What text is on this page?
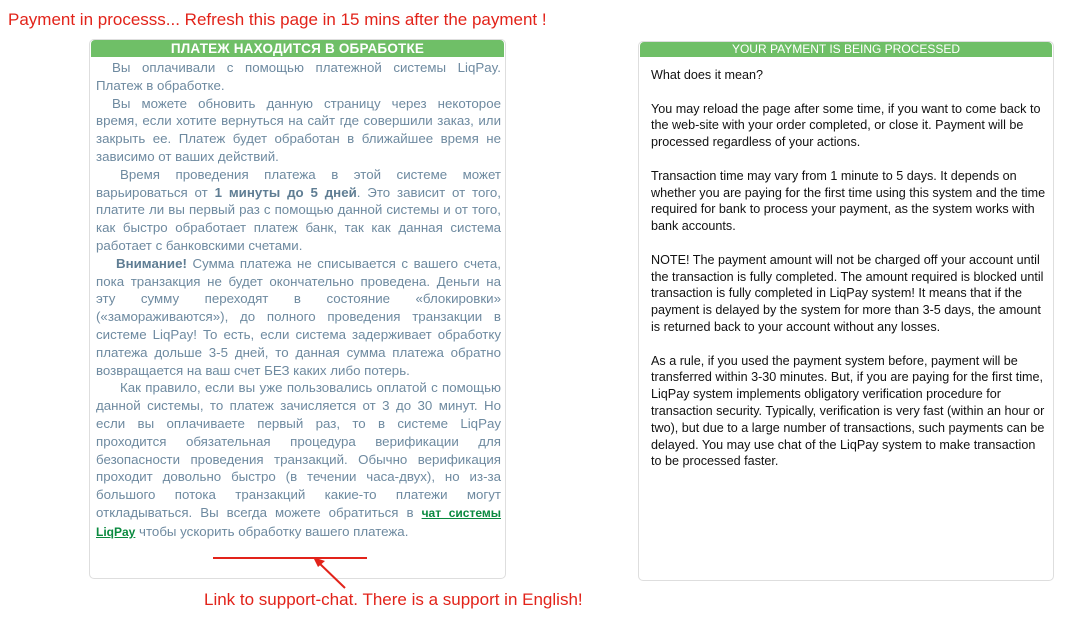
Payment in processs... Refresh this page in 15 mins after the payment !
ПЛАТЕЖ НАХОДИТСЯ В ОБРАБОТКЕ

Вы оплачивали с помощью платежной системы LiqPay. Платеж в обработке.

Вы можете обновить данную страницу через некоторое время, если хотите вернуться на сайт где совершили заказ, или закрыть ее. Платеж будет обработан в ближайшее время не зависимо от ваших действий.

Время проведения платежа в этой системе может варьироваться от 1 минуты до 5 дней. Это зависит от того, платите ли вы первый раз с помощью данной системы и от того, как быстро обработает платеж банк, так как данная система работает с банковскими счетами.

Внимание! Сумма платежа не списывается с вашего счета, пока транзакция не будет окончательно проведена. Деньги на эту сумму переходят в состояние «блокировки» («замораживаются»), до полного проведения транзакции в системе LiqPay! То есть, если система задерживает обработку платежа дольше 3-5 дней, то данная сумма платежа обратно возвращается на ваш счет БЕЗ каких либо потерь.

Как правило, если вы уже пользовались оплатой с помощью данной системы, то платеж зачисляется от 3 до 30 минут. Но если вы оплачиваете первый раз, то в системе LiqPay проходится обязательная процедура верификации для безопасности проведения транзакций. Обычно верификация проходит довольно быстро (в течении часа-двух), но из-за большого потока транзакций какие-то платежи могут откладываться. Вы всегда можете обратиться в чат системы LiqPay чтобы ускорить обработку вашего платежа.

YOUR PAYMENT IS BEING PROCESSED

What does it mean?

You may reload the page after some time, if you want to come back to the web-site with your order completed, or close it. Payment will be processed regardless of your actions.

Transaction time may vary from 1 minute to 5 days. It depends on whether you are paying for the first time using this system and the time required for bank to process your payment, as the system works with bank accounts.

NOTE! The payment amount will not be charged off your account until the transaction is fully completed. The amount required is blocked until transaction is fully completed in LiqPay system! It means that if the payment is delayed by the system for more than 3-5 days, the amount is returned back to your account without any losses.

As a rule, if you used the payment system before, payment will be transferred within 3-30 minutes. But, if you are paying for the first time, LiqPay system implements obligatory verification procedure for transaction security. Typically, verification is very fast (within an hour or two), but due to a large number of transactions, such payments can be delayed. You may use chat of the LiqPay system to make transaction to be processed faster.

Link to support-chat. There is a support in English!
